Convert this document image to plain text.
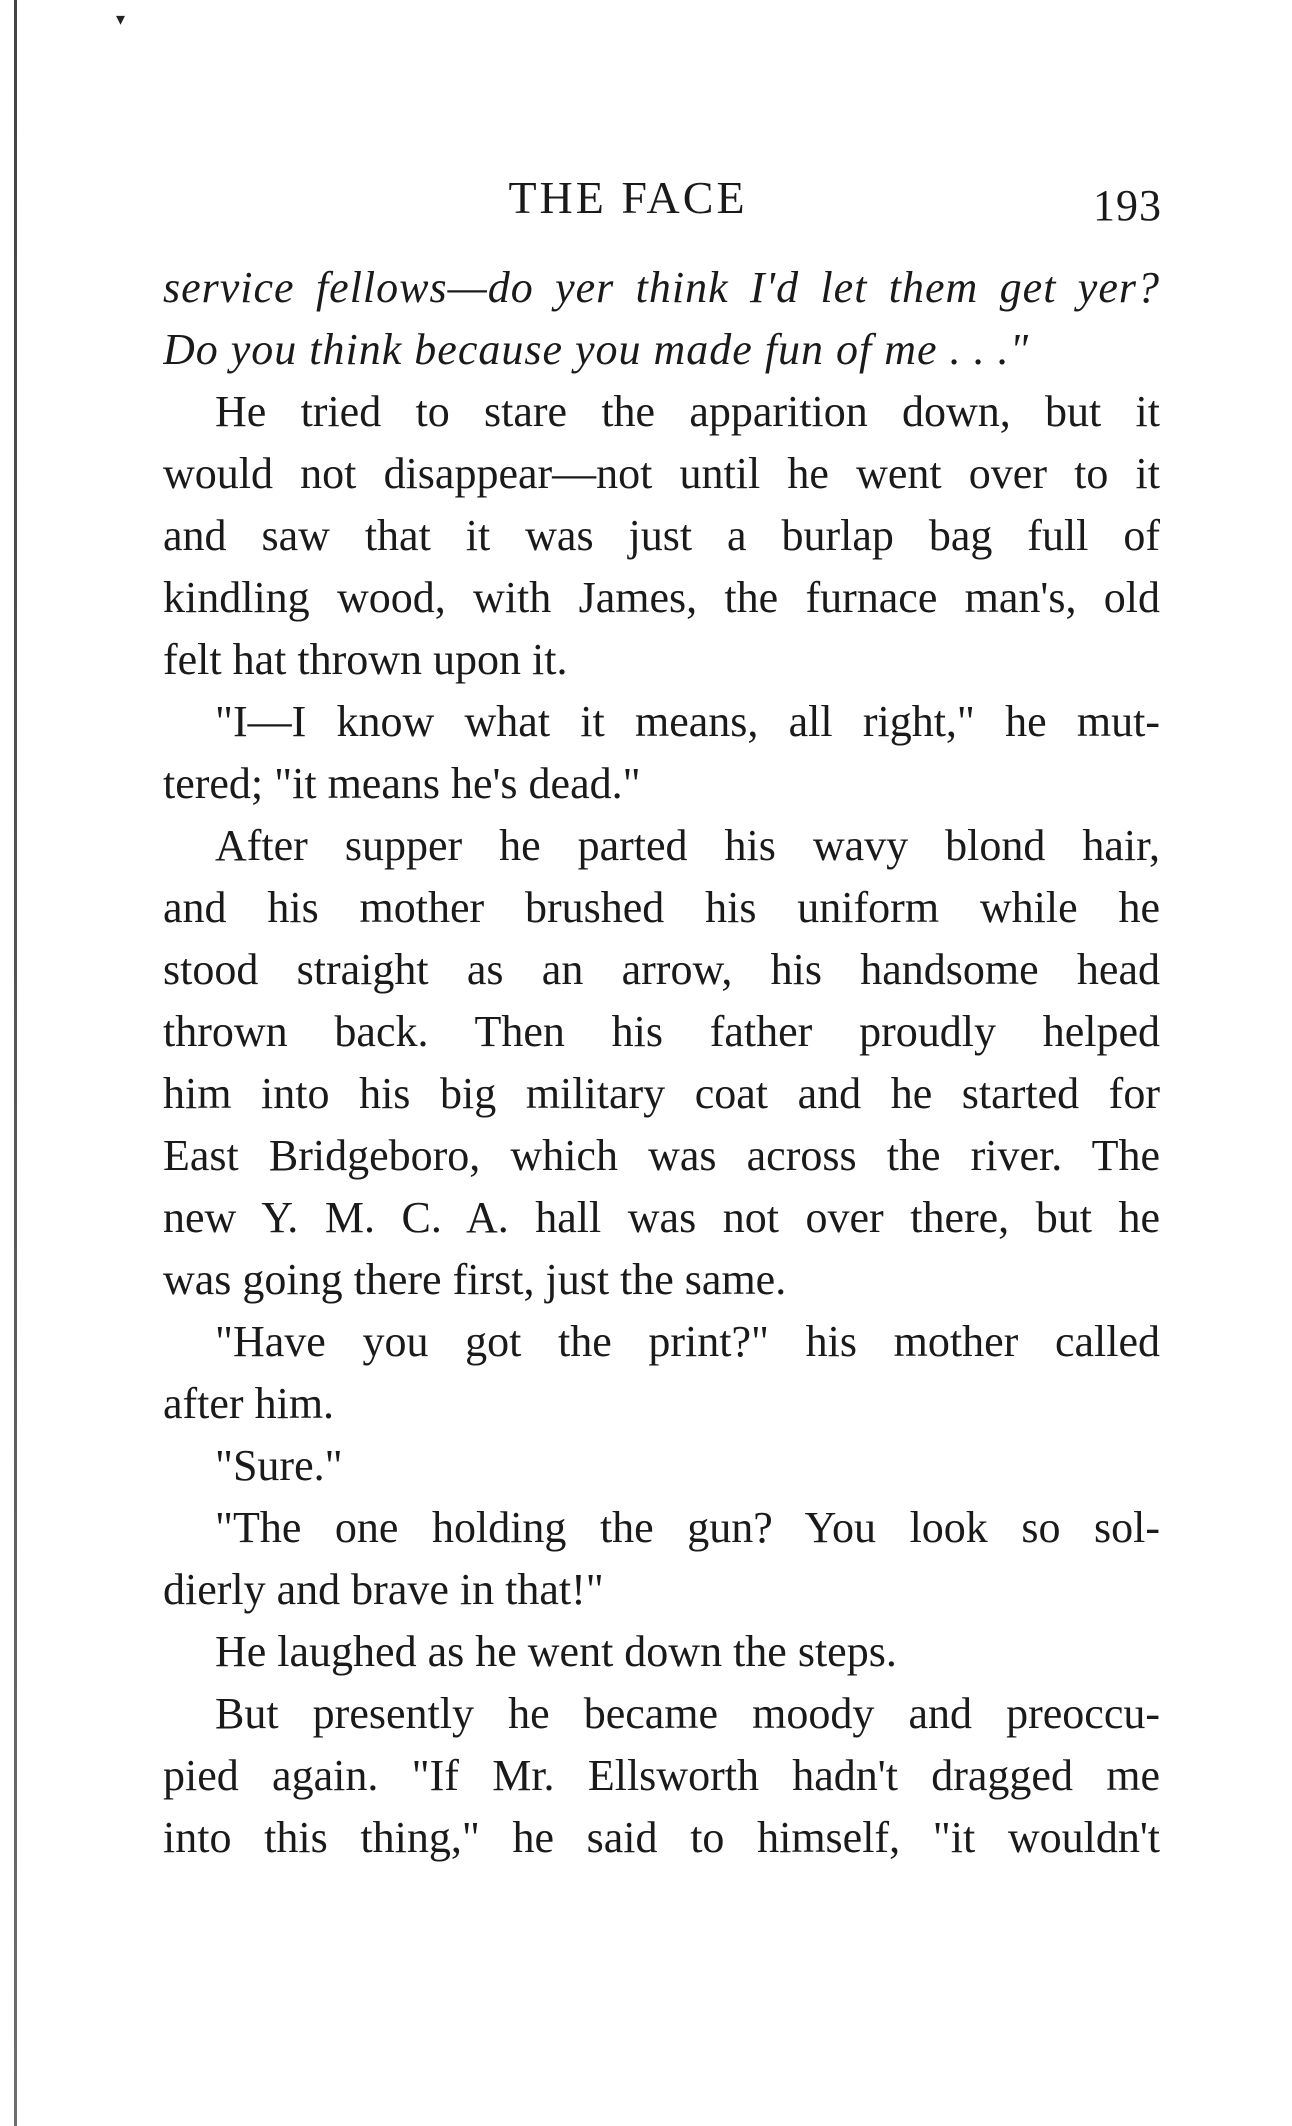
▾
THE FACE	193
service fellows—do yer think I'd let them get yer?
Do you think because you made fun of me . . ."
He tried to stare the apparition down, but it
would not disappear—not until he went over to it
and saw that it was just a burlap bag full of
kindling wood, with James, the furnace man's, old
felt hat thrown upon it.
"I—I know what it means, all right," he mut-
tered; "it means he's dead."
After supper he parted his wavy blond hair,
and his mother brushed his uniform while he
stood straight as an arrow, his handsome head
thrown back. Then his father proudly helped
him into his big military coat and he started for
East Bridgeboro, which was across the river. The
new Y. M. C. A. hall was not over there, but he
was going there first, just the same.
"Have you got the print?" his mother called
after him.
"Sure."
"The one holding the gun? You look so sol-
dierly and brave in that!"
He laughed as he went down the steps.
But presently he became moody and preoccu-
pied again. "If Mr. Ellsworth hadn't dragged me
into this thing," he said to himself, "it wouldn't
